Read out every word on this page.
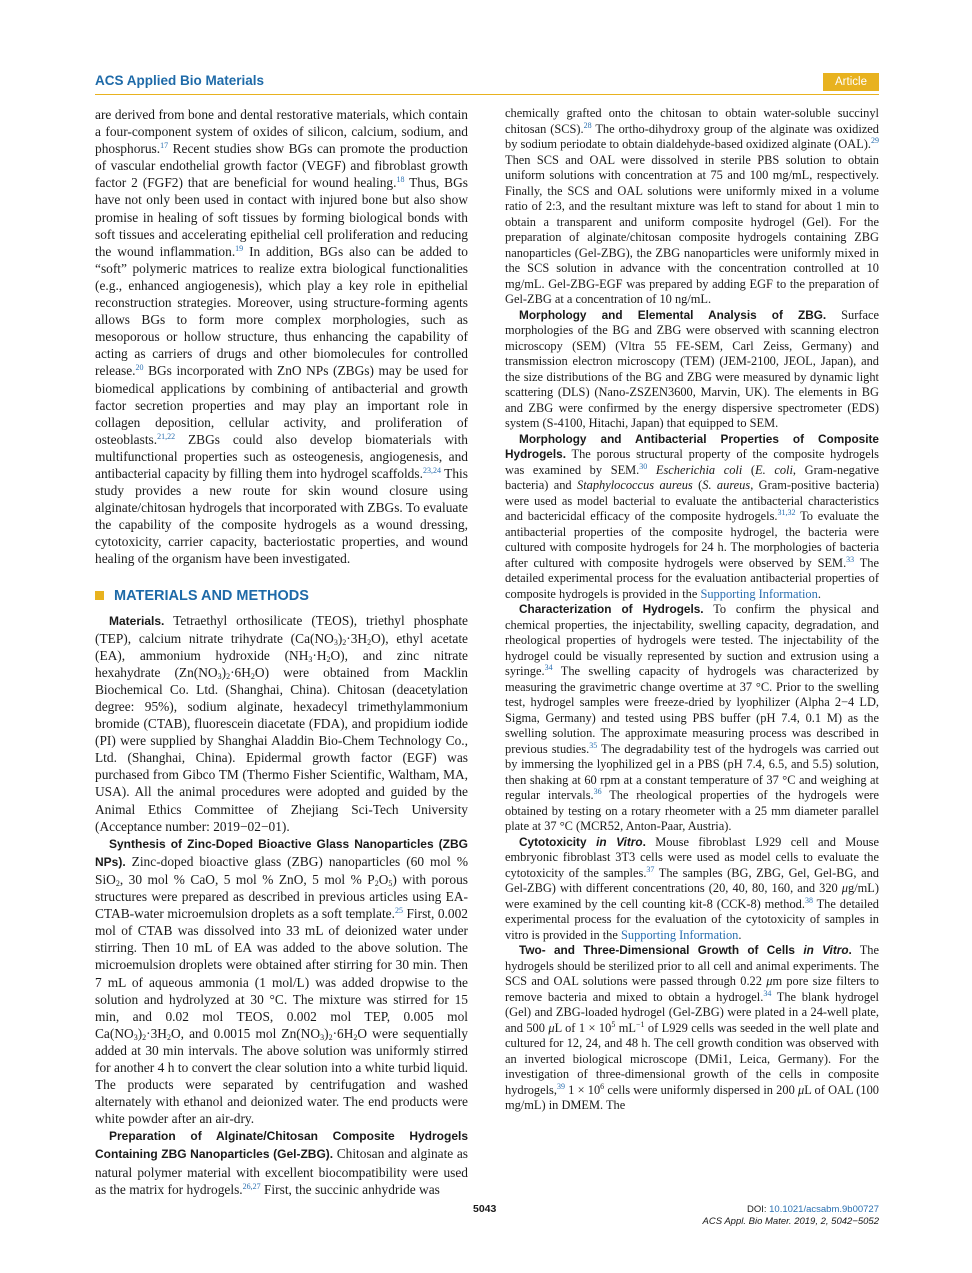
ACS Applied Bio Materials	Article

are derived from bone and dental restorative materials, which contain a four-component system of oxides of silicon, calcium, sodium, and phosphorus.$^{17}$ Recent studies show BGs can promote the production of vascular endothelial growth factor (VEGF) and fibroblast growth factor 2 (FGF2) that are beneficial for wound healing.$^{18}$ Thus, BGs have not only been used in contact with injured bone but also show promise in healing of soft tissues by forming biological bonds with soft tissues and accelerating epithelial cell proliferation and reducing the wound inflammation.$^{19}$ In addition, BGs also can be added to “soft” polymeric matrices to realize extra biological functionalities (e.g., enhanced angiogenesis), which play a key role in epithelial reconstruction strategies. Moreover, using structure-forming agents allows BGs to form more complex morphologies, such as mesoporous or hollow structure, thus enhancing the capability of acting as carriers of drugs and other biomolecules for controlled release.$^{20}$ BGs incorporated with ZnO NPs (ZBGs) may be used for biomedical applications by combining of antibacterial and growth factor secretion properties and may play an important role in collagen deposition, cellular activity, and proliferation of osteoblasts.$^{21,22}$ ZBGs could also develop biomaterials with multifunctional properties such as osteogenesis, angiogenesis, and antibacterial capacity by filling them into hydrogel scaffolds.$^{23,24}$ This study provides a new route for skin wound closure using alginate/chitosan hydrogels that incorporated with ZBGs. To evaluate the capability of the composite hydrogels as a wound dressing, cytotoxicity, carrier capacity, bacteriostatic properties, and wound healing of the organism have been investigated.

MATERIALS AND METHODS

Materials. Tetraethyl orthosilicate (TEOS), triethyl phosphate (TEP), calcium nitrate trihydrate $(Ca(NO_3)_2\cdot 3H_2O)$, ethyl acetate (EA), ammonium hydroxide $(NH_3\cdot H_2O)$, and zinc nitrate hexahydrate $(Zn(NO_3)_2\cdot 6H_2O)$ were obtained from Macklin Biochemical Co. Ltd. (Shanghai, China). Chitosan (deacetylation degree: 95%), sodium alginate, hexadecyl trimethylammonium bromide (CTAB), fluorescein diacetate (FDA), and propidium iodide (PI) were supplied by Shanghai Aladdin Bio-Chem Technology Co., Ltd. (Shanghai, China). Epidermal growth factor (EGF) was purchased from Gibco TM (Thermo Fisher Scientific, Waltham, MA, USA). All the animal procedures were adopted and guided by the Animal Ethics Committee of Zhejiang Sci-Tech University (Acceptance number: 2019−02−01).

Synthesis of Zinc-Doped Bioactive Glass Nanoparticles (ZBG NPs). Zinc-doped bioactive glass (ZBG) nanoparticles (60 mol % SiO$_2$, 30 mol % CaO, 5 mol % ZnO, 5 mol % $P_2O_5$) with porous structures were prepared as described in previous articles using EA-CTAB-water microemulsion droplets as a soft template.$^{25}$ First, 0.002 mol of CTAB was dissolved into 33 mL of deionized water under stirring. Then 10 mL of EA was added to the above solution. The microemulsion droplets were obtained after stirring for 30 min. Then 7 mL of aqueous ammonia (1 mol/L) was added dropwise to the solution and hydrolyzed at 30 °C. The mixture was stirred for 15 min, and 0.02 mol TEOS, 0.002 mol TEP, 0.005 mol $Ca(NO_3)_2\cdot 3H_2O$, and 0.0015 mol $Zn(NO_3)_2\cdot 6H_2O$ were sequentially added at 30 min intervals. The above solution was uniformly stirred for another 4 h to convert the clear solution into a white turbid liquid. The products were separated by centrifugation and washed alternately with ethanol and deionized water. The end products were white powder after an air-dry.

Preparation of Alginate/Chitosan Composite Hydrogels Containing ZBG Nanoparticles (Gel-ZBG). Chitosan and alginate as natural polymer material with excellent biocompatibility were used as the matrix for hydrogels.$^{26,27}$ First, the succinic anhydride was

chemically grafted onto the chitosan to obtain water-soluble succinyl chitosan (SCS).$^{28}$ The ortho-dihydroxy group of the alginate was oxidized by sodium periodate to obtain dialdehyde-based oxidized alginate (OAL).$^{29}$ Then SCS and OAL were dissolved in sterile PBS solution to obtain uniform solutions with concentration at 75 and 100 mg/mL, respectively. Finally, the SCS and OAL solutions were uniformly mixed in a volume ratio of 2:3, and the resultant mixture was left to stand for about 1 min to obtain a transparent and uniform composite hydrogel (Gel). For the preparation of alginate/chitosan composite hydrogels containing ZBG nanoparticles (Gel-ZBG), the ZBG nanoparticles were uniformly mixed in the SCS solution in advance with the concentration controlled at 10 mg/mL. Gel-ZBG-EGF was prepared by adding EGF to the preparation of Gel-ZBG at a concentration of 10 ng/mL.

Morphology and Elemental Analysis of ZBG. Surface morphologies of the BG and ZBG were observed with scanning electron microscopy (SEM) (Vltra 55 FE-SEM, Carl Zeiss, Germany) and transmission electron microscopy (TEM) (JEM-2100, JEOL, Japan), and the size distributions of the BG and ZBG were measured by dynamic light scattering (DLS) (Nano-ZSZEN3600, Marvin, UK). The elements in BG and ZBG were confirmed by the energy dispersive spectrometer (EDS) system (S-4100, Hitachi, Japan) that equipped to SEM.

Morphology and Antibacterial Properties of Composite Hydrogels. The porous structural property of the composite hydrogels was examined by SEM.$^{30}$ Escherichia coli (E. coli, Gram-negative bacteria) and Staphylococcus aureus (S. aureus, Gram-positive bacteria) were used as model bacterial to evaluate the antibacterial characteristics and bactericidal efficacy of the composite hydrogels.$^{31,32}$ To evaluate the antibacterial properties of the composite hydrogel, the bacteria were cultured with composite hydrogels for 24 h. The morphologies of bacteria after cultured with composite hydrogels were observed by SEM.$^{33}$ The detailed experimental process for the evaluation antibacterial properties of composite hydrogels is provided in the Supporting Information.

Characterization of Hydrogels. To confirm the physical and chemical properties, the injectability, swelling capacity, degradation, and rheological properties of hydrogels were tested. The injectability of the hydrogel could be visually represented by suction and extrusion using a syringe.$^{34}$ The swelling capacity of hydrogels was characterized by measuring the gravimetric change overtime at 37 °C. Prior to the swelling test, hydrogel samples were freeze-dried by lyophilizer (Alpha 2−4 LD, Sigma, Germany) and tested using PBS buffer (pH 7.4, 0.1 M) as the swelling solution. The approximate measuring process was described in previous studies.$^{35}$ The degradability test of the hydrogels was carried out by immersing the lyophilized gel in a PBS (pH 7.4, 6.5, and 5.5) solution, then shaking at 60 rpm at a constant temperature of 37 °C and weighing at regular intervals.$^{36}$ The rheological properties of the hydrogels were obtained by testing on a rotary rheometer with a 25 mm diameter parallel plate at 37 °C (MCR52, Anton-Paar, Austria).

Cytotoxicity in Vitro. Mouse fibroblast L929 cell and Mouse embryonic fibroblast 3T3 cells were used as model cells to evaluate the cytotoxicity of the samples.$^{37}$ The samples (BG, ZBG, Gel, Gel-BG, and Gel-ZBG) with different concentrations (20, 40, 80, 160, and 320 μg/mL) were examined by the cell counting kit-8 (CCK-8) method.$^{38}$ The detailed experimental process for the evaluation of the cytotoxicity of samples in vitro is provided in the Supporting Information.

Two- and Three-Dimensional Growth of Cells in Vitro. The hydrogels should be sterilized prior to all cell and animal experiments. The SCS and OAL solutions were passed through 0.22 μm pore size filters to remove bacteria and mixed to obtain a hydrogel.$^{34}$ The blank hydrogel (Gel) and ZBG-loaded hydrogel (Gel-ZBG) were plated in a 24-well plate, and 500 μL of $1 \times 10^5$ $mL^{-1}$ of L929 cells was seeded in the well plate and cultured for 12, 24, and 48 h. The cell growth condition was observed with an inverted biological microscope (DMi1, Leica, Germany). For the investigation of three-dimensional growth of the cells in composite hydrogels,$^{39}$ $1 \times 10^6$ cells were uniformly dispersed in 200 μL of OAL (100 mg/mL) in DMEM. The

5043	DOI: 10.1021/acsabm.9b00727
ACS Appl. Bio Mater. 2019, 2, 5042−5052
